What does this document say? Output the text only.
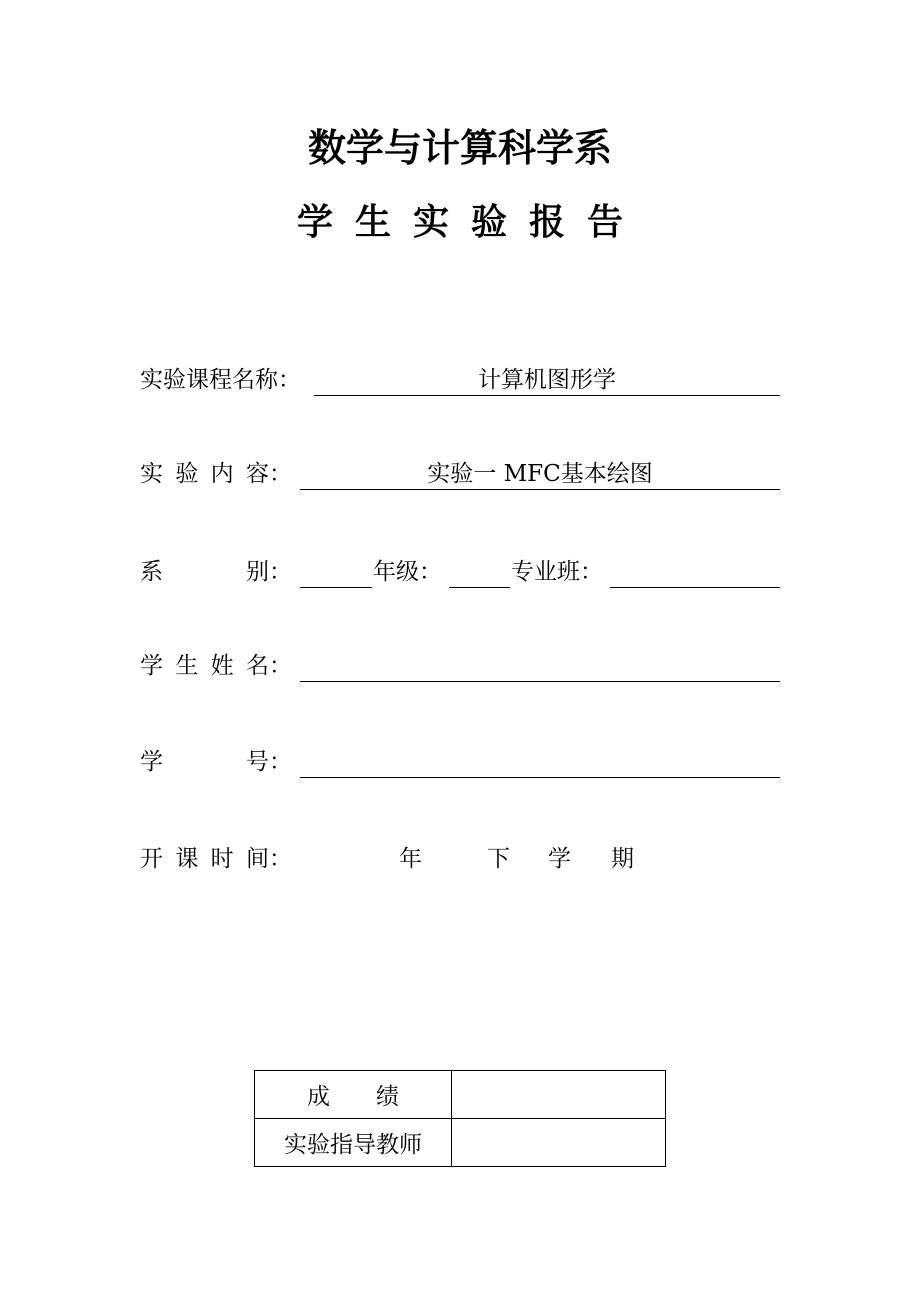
数学与计算科学系
学生实验报告
实验课程名称：	计算机图形学
实 验 内 容：	实验一 MFC基本绘图
系	别：	年级：	专业班：
学 生 姓 名：
学	号：
开 课 时 间：	年	下 学 期
成　　绩	
实验指导教师	
